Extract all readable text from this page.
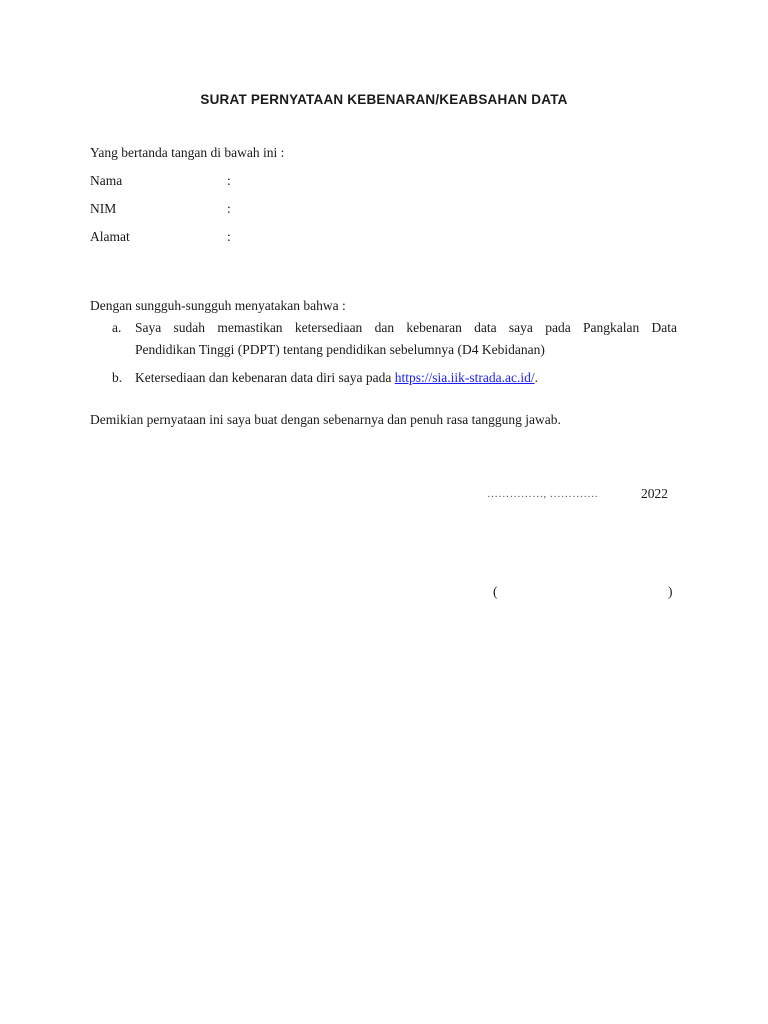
SURAT PERNYATAAN KEBENARAN/KEABSAHAN DATA
Yang bertanda tangan di bawah ini :
Nama	:
NIM	:
Alamat	:
Dengan sungguh-sungguh menyatakan bahwa :
a. Saya sudah memastikan ketersediaan dan kebenaran data saya pada Pangkalan Data
Pendidikan Tinggi (PDPT) tentang pendidikan sebelumnya (D4 Kebidanan)
b. Ketersediaan dan kebenaran data diri saya pada https://sia.iik-strada.ac.id/.
Demikian pernyataan ini saya buat dengan sebenarnya dan penuh rasa tanggung jawab.
……………, ………….	2022
(	)
